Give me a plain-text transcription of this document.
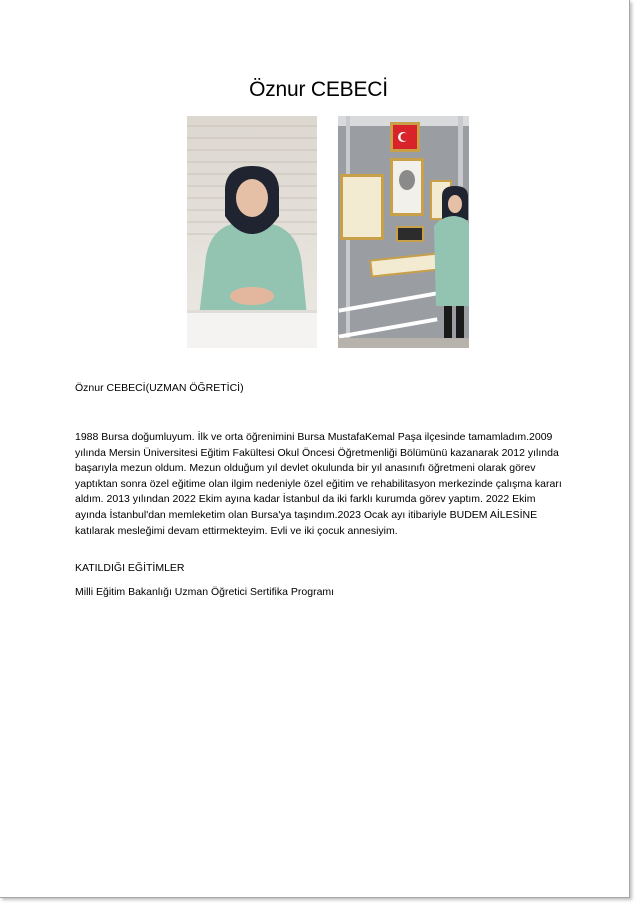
Öznur CEBECİ
Öznur CEBECİ(UZMAN ÖĞRETİCİ)

1988 Bursa doğumluyum. İlk ve orta öğrenimini Bursa MustafaKemal Paşa ilçesinde tamamladım.2009 yılında Mersin Üniversitesi Eğitim Fakültesi Okul Öncesi Öğretmenliği Bölümünü kazanarak 2012 yılında başarıyla mezun oldum. Mezun olduğum yıl devlet okulunda bir yıl anasınıfı öğretmeni olarak görev yaptıktan sonra özel eğitime olan ilgim nedeniyle özel eğitim ve rehabilitasyon merkezinde çalışma kararı aldım. 2013 yılından 2022 Ekim ayına kadar İstanbul da iki farklı kurumda görev yaptım. 2022 Ekim ayında İstanbul'dan memleketim olan Bursa'ya taşındım.2023 Ocak ayı itibariyle BUDEM AİLESİNE katılarak mesleğimi devam ettirmekteyim. Evli ve iki çocuk annesiyim.

KATILDIĞI EĞİTİMLER
Milli Eğitim Bakanlığı Uzman Öğretici Sertifika Programı
